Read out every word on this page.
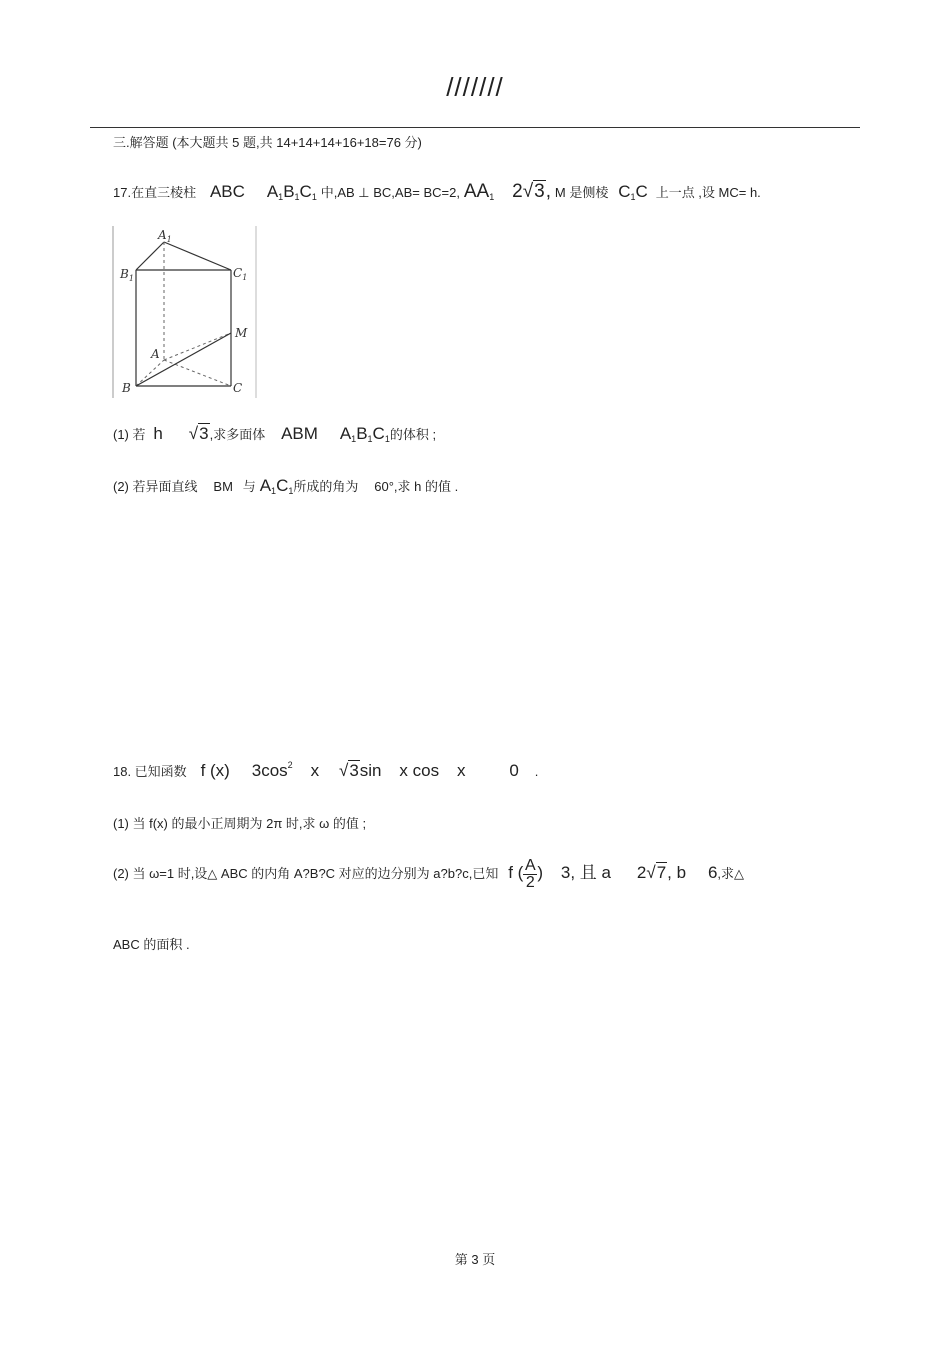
///////
三.解答题 (本大题共 5 题,共 14+14+14+16+18=76 分)
17.在直三棱柱 ABC $A_1B_1C_1$ 中,AB ⊥ BC,AB= BC=2, $AA_1$ 2√3, M 是侧棱 $C_1C$ 上一点 ,设 MC= h.
$A_1$
$B_1$	$C_1$
M
A
B	C
(1) 若 h √3,求多面体 ABM $A_1B_1C_1$的体积 ;
(2) 若异面直线 BM 与 $A_1C_1$所成的角为 60°,求 h 的值 .
18. 已知函数 f (x) $3\cos^2$ x √3sin x cos x	0 .
(1) 当 f(x) 的最小正周期为 2π 时,求 ω 的值 ;
(2) 当 ω=1 时,设△ ABC 的内角 A?B?C 对应的边分别为 a?b?c,已知 f ( $\frac{A}{2}$ ) 3, 且 a 2√7, b 6,求△
ABC 的面积 .
第 3 页
